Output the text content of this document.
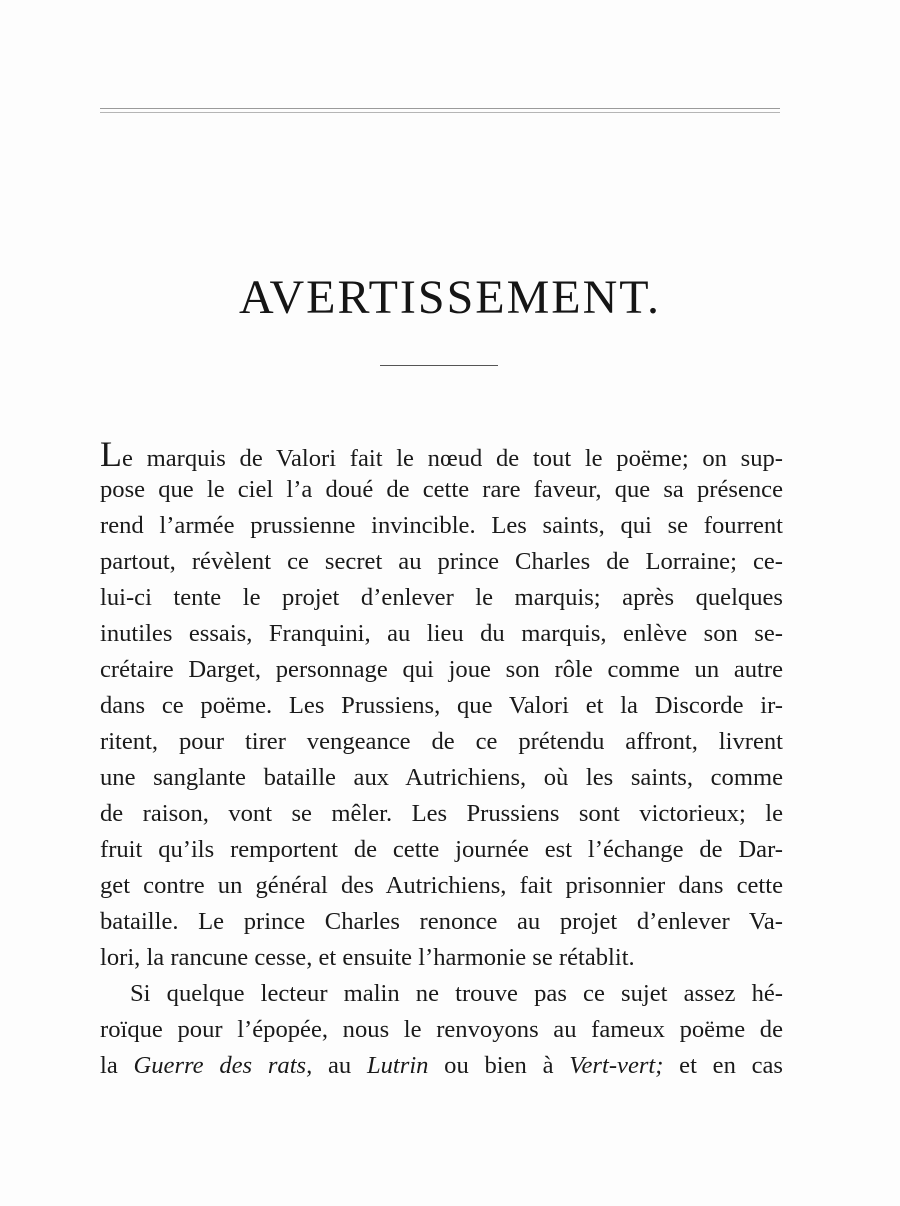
AVERTISSEMENT.
Le marquis de Valori fait le nœud de tout le poëme; on sup-
pose que le ciel l’a doué de cette rare faveur, que sa présence
rend l’armée prussienne invincible. Les saints, qui se fourrent
partout, révèlent ce secret au prince Charles de Lorraine; ce-
lui-ci tente le projet d’enlever le marquis; après quelques
inutiles essais, Franquini, au lieu du marquis, enlève son se-
crétaire Darget, personnage qui joue son rôle comme un autre
dans ce poëme. Les Prussiens, que Valori et la Discorde ir-
ritent, pour tirer vengeance de ce prétendu affront, livrent
une sanglante bataille aux Autrichiens, où les saints, comme
de raison, vont se mêler. Les Prussiens sont victorieux; le
fruit qu’ils remportent de cette journée est l’échange de Dar-
get contre un général des Autrichiens, fait prisonnier dans cette
bataille. Le prince Charles renonce au projet d’enlever Va-
lori, la rancune cesse, et ensuite l’harmonie se rétablit.
Si quelque lecteur malin ne trouve pas ce sujet assez hé-
roïque pour l’épopée, nous le renvoyons au fameux poëme de
la Guerre des rats, au Lutrin ou bien à Vert-vert; et en cas
